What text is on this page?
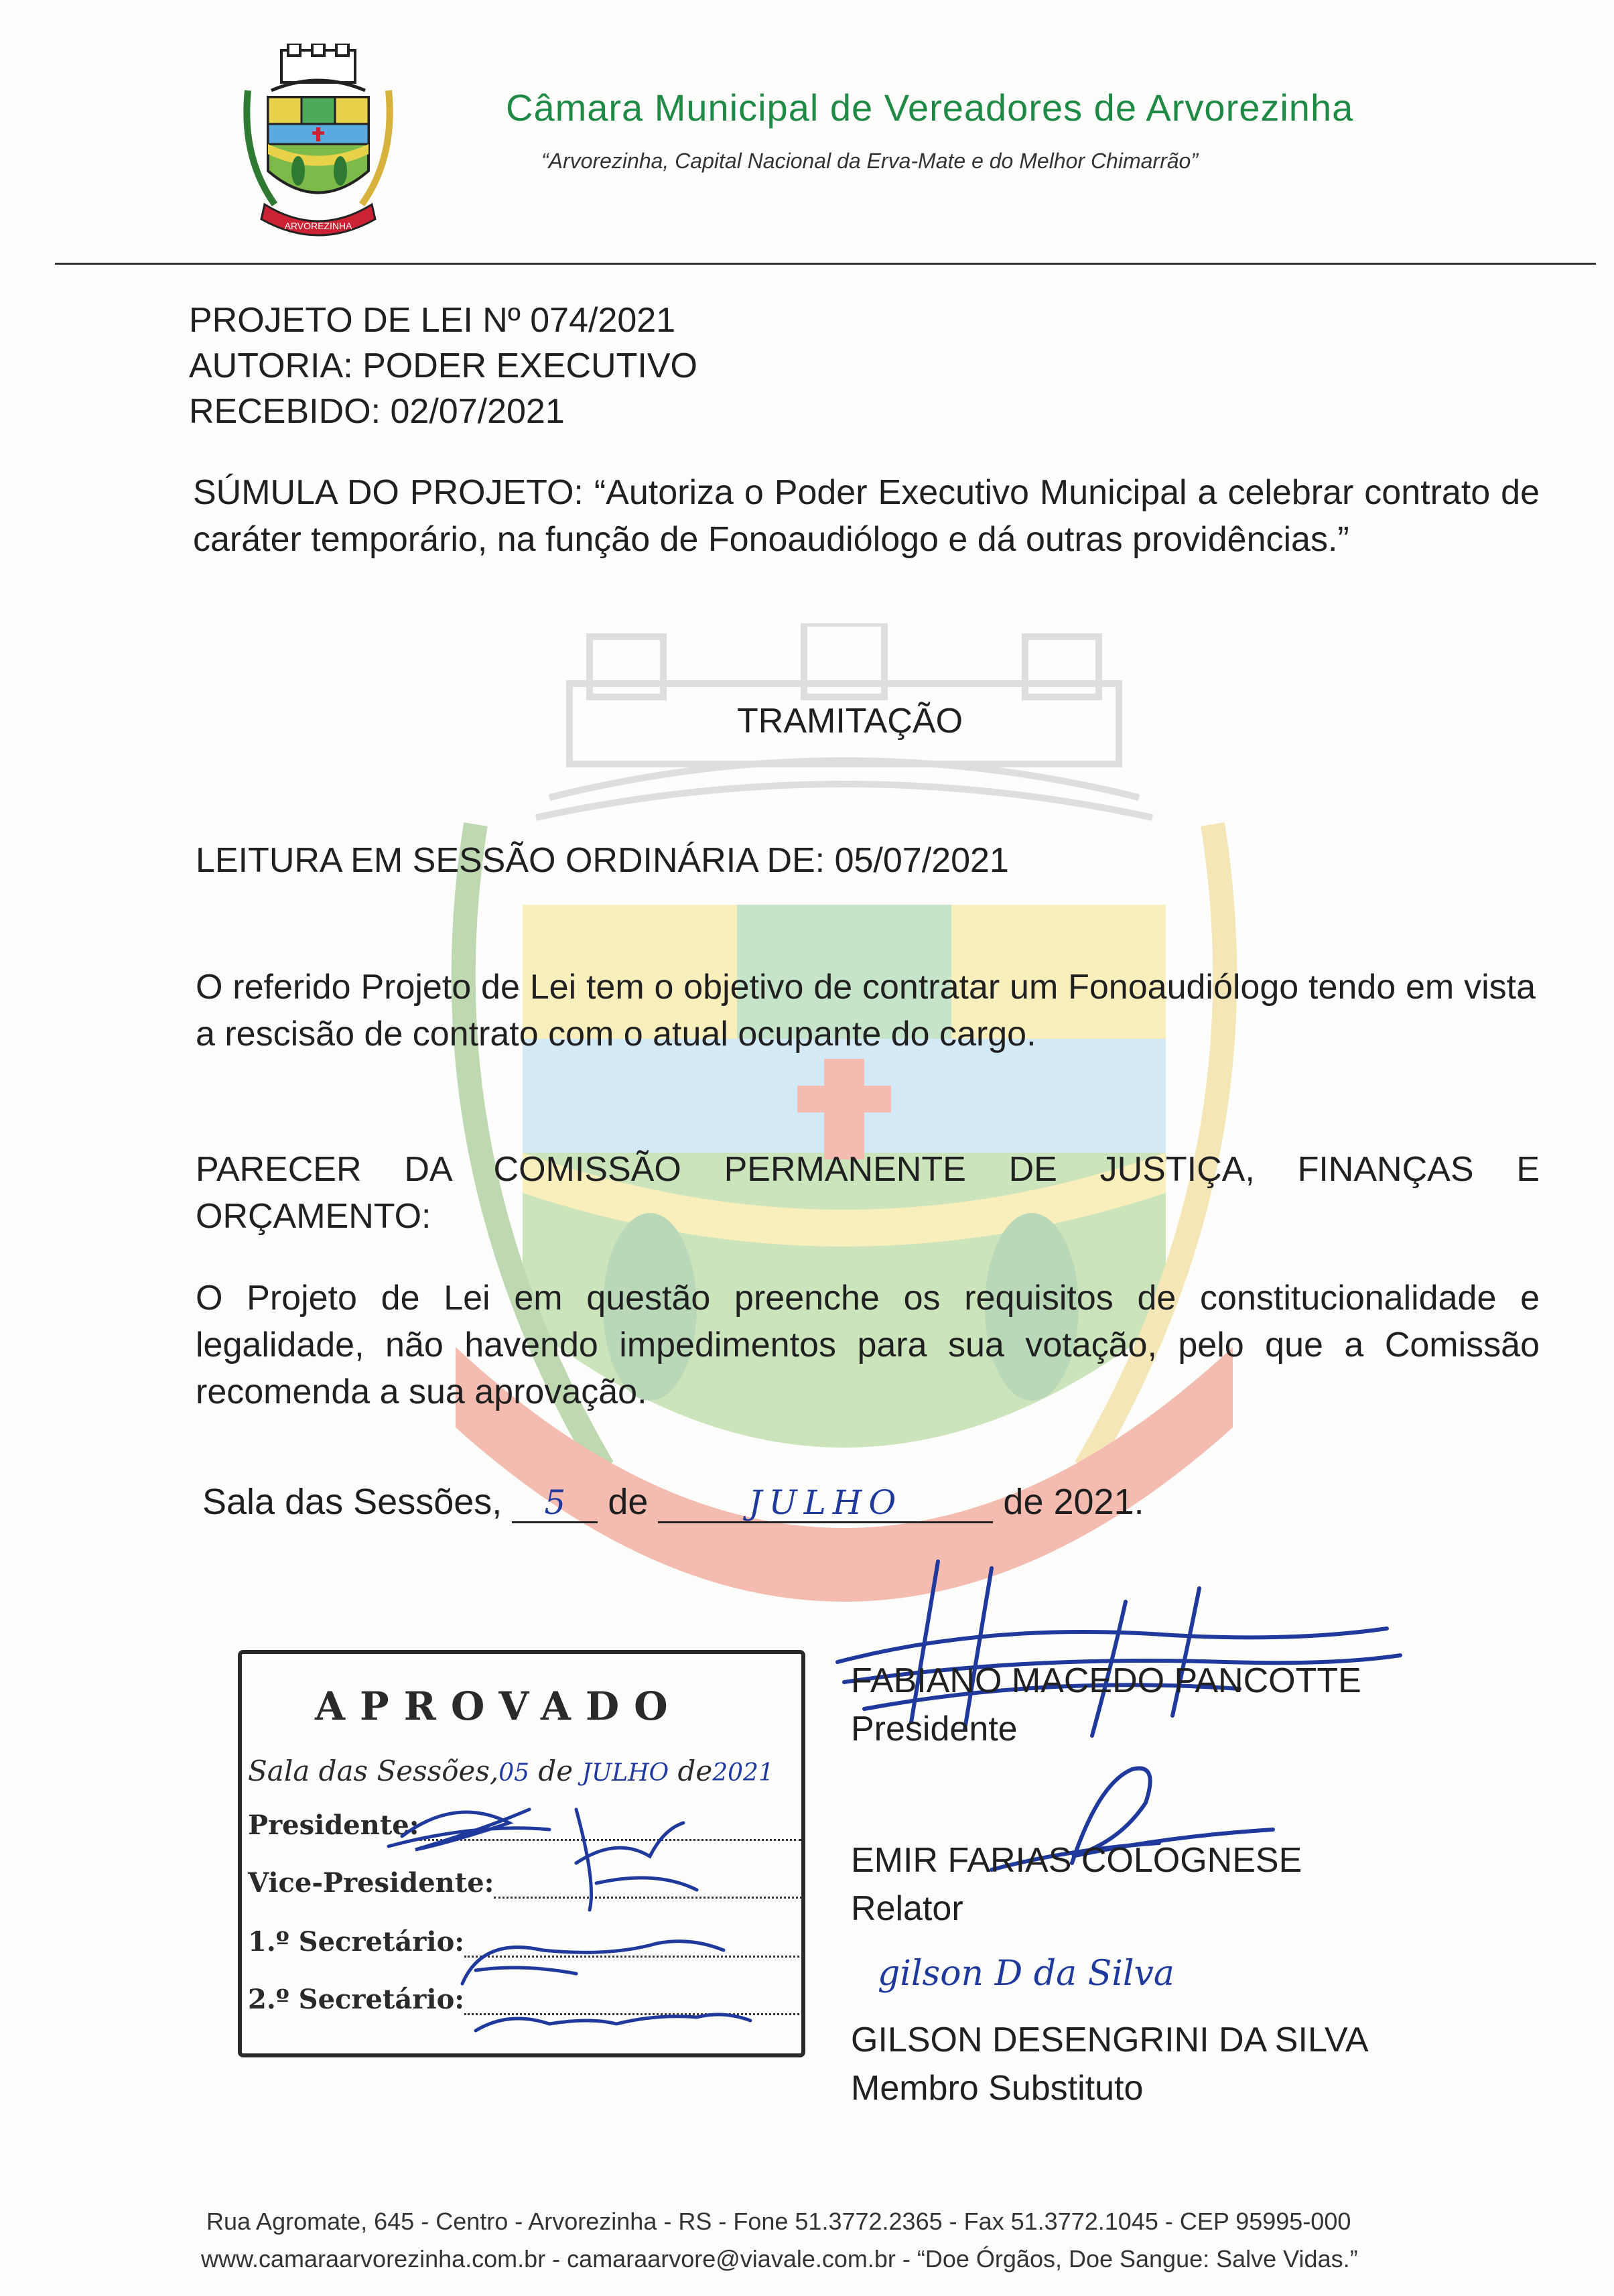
ARVOREZINHA
Câmara Municipal de Vereadores de Arvorezinha
“Arvorezinha, Capital Nacional da Erva-Mate e do Melhor Chimarrão”
PROJETO DE LEI Nº 074/2021
AUTORIA: PODER EXECUTIVO
RECEBIDO: 02/07/2021
SÚMULA DO PROJETO: “Autoriza o Poder Executivo Municipal a celebrar contrato de caráter temporário, na função de Fonoaudiólogo e dá outras providências.”
TRAMITAÇÃO
LEITURA EM SESSÃO ORDINÁRIA DE: 05/07/2021
O referido Projeto de Lei tem o objetivo de contratar um Fonoaudiólogo tendo em vista a rescisão de contrato com o atual ocupante do cargo.
PARECER DA COMISSÃO PERMANENTE DE JUSTIÇA, FINANÇAS E ORÇAMENTO:
O Projeto de Lei em questão preenche os requisitos de constitucionalidade e legalidade, não havendo impedimentos para sua votação, pelo que a Comissão recomenda a sua aprovação.
Sala das Sessões, 5 de	JULHO	de 2021.
APROVADO
Sala das Sessões,05 de JULHO de2021
Presidente:
Vice-Presidente:
1.º Secretário:
2.º Secretário:
FABIANO MACEDO PANCOTTE
Presidente
EMIR FARIAS COLOGNESE
Relator
gilson D da Silva
GILSON DESENGRINI DA SILVA
Membro Substituto
Rua Agromate, 645 - Centro - Arvorezinha - RS - Fone 51.3772.2365 - Fax 51.3772.1045 - CEP 95995-000
www.camaraarvorezinha.com.br - camaraarvore@viavale.com.br - “Doe Órgãos, Doe Sangue: Salve Vidas.”
